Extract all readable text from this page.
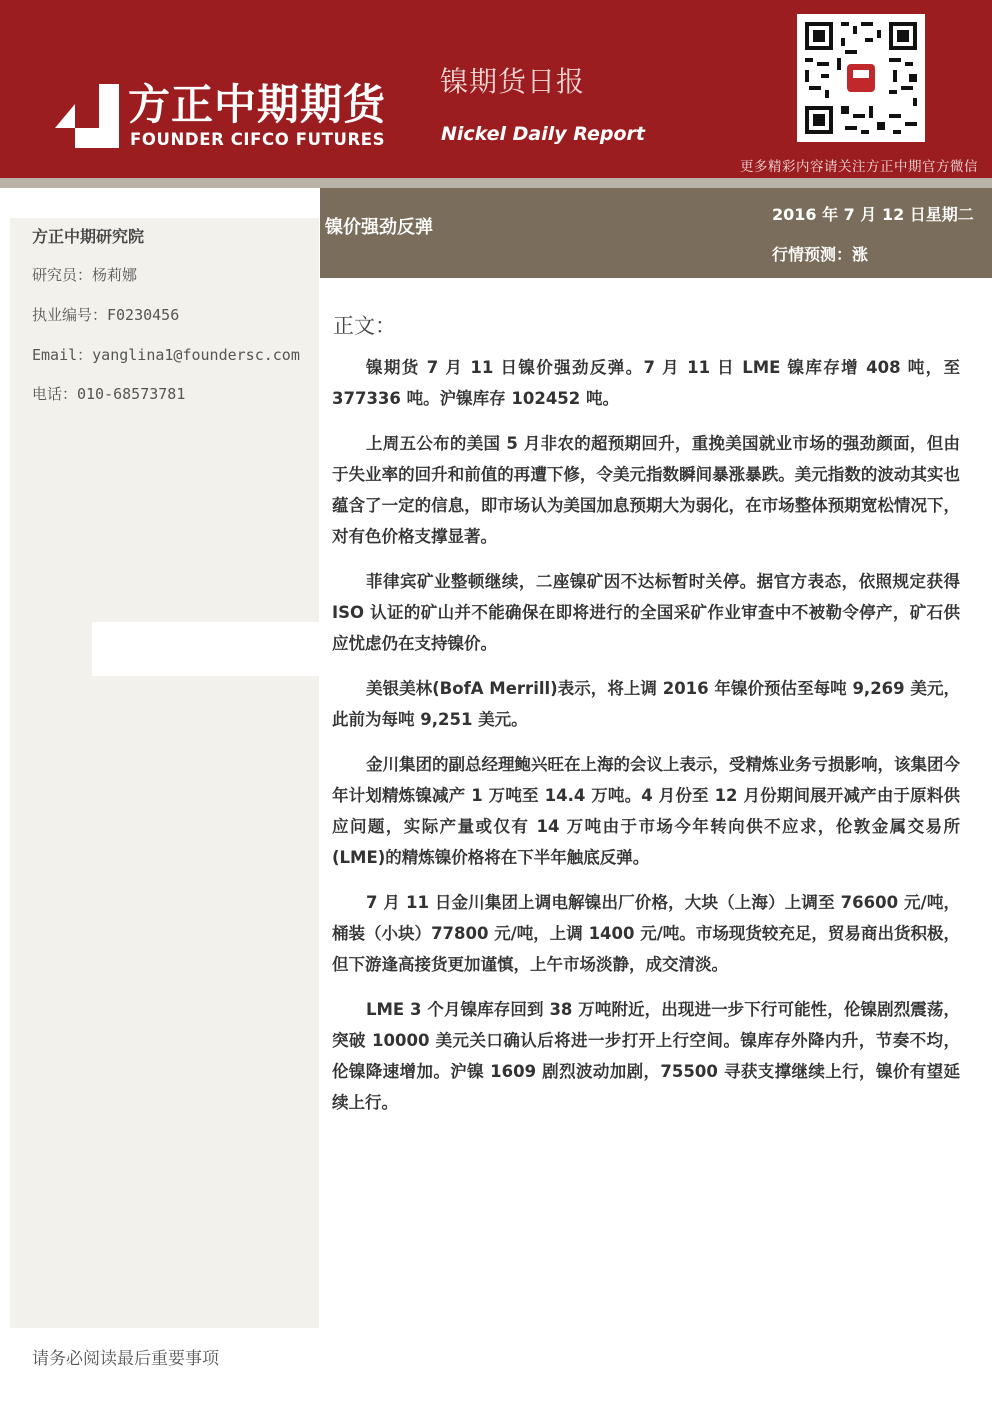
方正中期期货
FOUNDER CIFCO FUTURES
镍期货日报
Nickel Daily Report
更多精彩内容请关注方正中期官方微信
方正中期研究院
研究员：杨莉娜
执业编号：F0230456
Email：yanglina1@foundersc.com
电话：010-68573781
镍价强劲反弹
2016 年 7 月 12 日星期二
行情预测：涨
正文：

镍期货 7 月 11 日镍价强劲反弹。7 月 11 日 LME 镍库存增 408 吨，至 377336 吨。沪镍库存 102452 吨。

上周五公布的美国 5 月非农的超预期回升，重挽美国就业市场的强劲颜面，但由于失业率的回升和前值的再遭下修，令美元指数瞬间暴涨暴跌。美元指数的波动其实也蕴含了一定的信息，即市场认为美国加息预期大为弱化，在市场整体预期宽松情况下，对有色价格支撑显著。

菲律宾矿业整顿继续，二座镍矿因不达标暂时关停。据官方表态，依照规定获得 ISO 认证的矿山并不能确保在即将进行的全国采矿作业审查中不被勒令停产，矿石供应忧虑仍在支持镍价。

美银美林(BofA Merrill)表示，将上调 2016 年镍价预估至每吨 9,269 美元，此前为每吨 9,251 美元。

金川集团的副总经理鲍兴旺在上海的会议上表示，受精炼业务亏损影响，该集团今年计划精炼镍减产 1 万吨至 14.4 万吨。4 月份至 12 月份期间展开减产由于原料供应问题，实际产量或仅有 14 万吨由于市场今年转向供不应求，伦敦金属交易所(LME)的精炼镍价格将在下半年触底反弹。

7 月 11 日金川集团上调电解镍出厂价格，大块（上海）上调至 76600 元/吨，桶装（小块）77800 元/吨，上调 1400 元/吨。市场现货较充足，贸易商出货积极，但下游逢高接货更加谨慎，上午市场淡静，成交清淡。

LME 3 个月镍库存回到 38 万吨附近，出现进一步下行可能性，伦镍剧烈震荡，突破 10000 美元关口确认后将进一步打开上行空间。镍库存外降内升，节奏不均，伦镍降速增加。沪镍 1609 剧烈波动加剧，75500 寻获支撑继续上行，镍价有望延续上行。

请务必阅读最后重要事项
